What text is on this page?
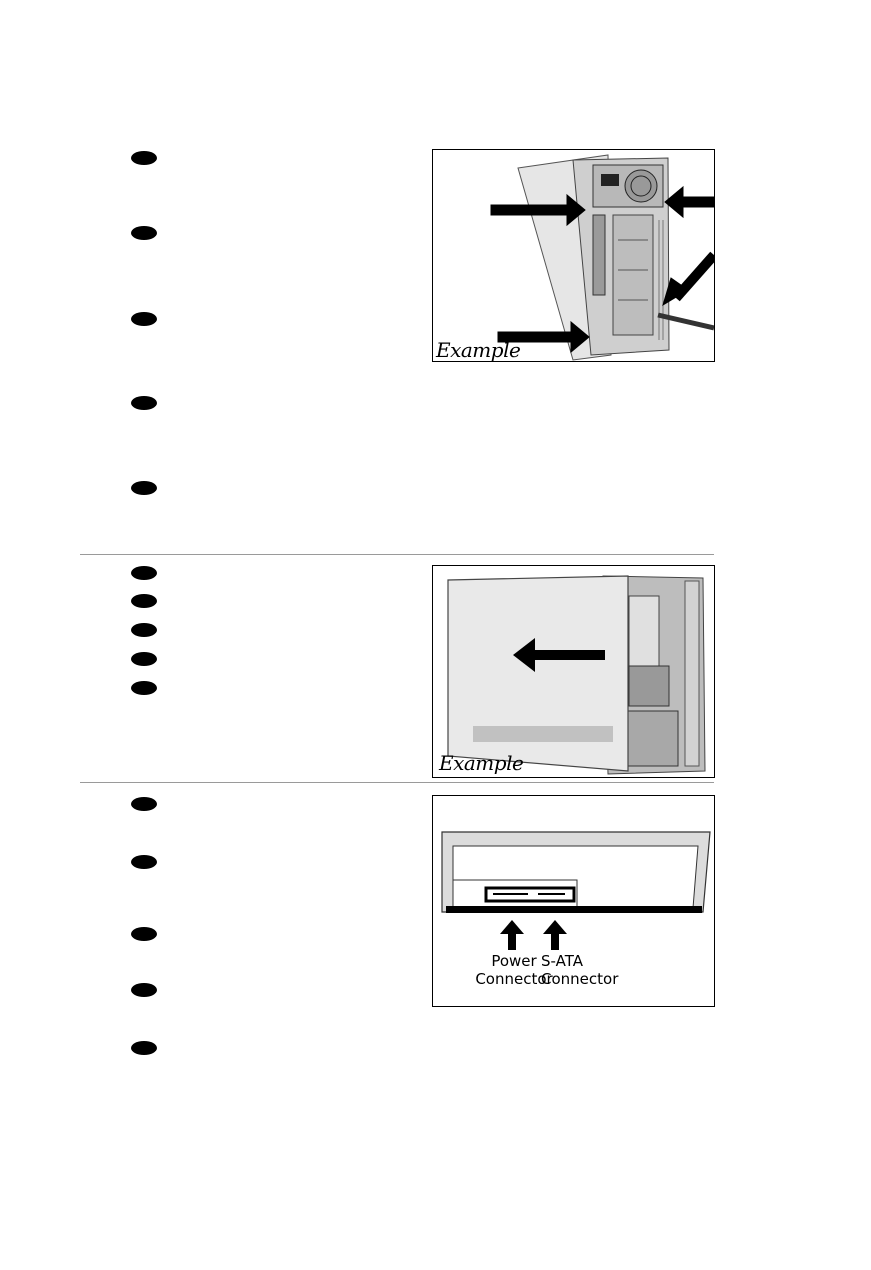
Example
Example
Power
Connector
S-ATA
Connector
